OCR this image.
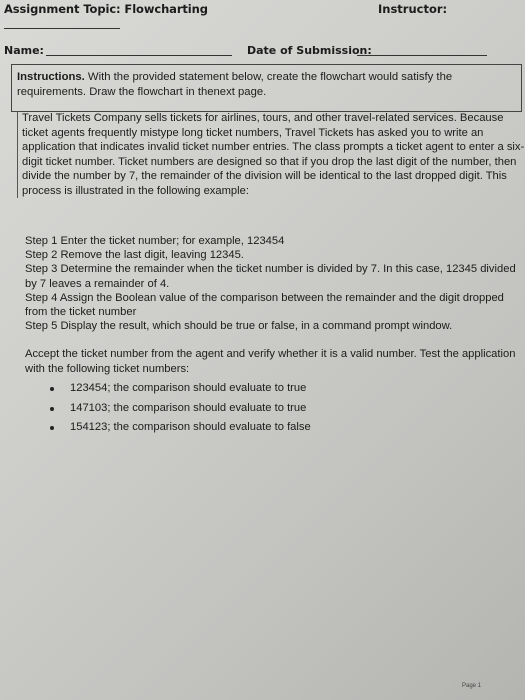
Assignment Topic: Flowcharting	Instructor:
Name:	Date of Submission:
Instructions. With the provided statement below, create the flowchart would satisfy the requirements. Draw the flowchart in thenext page.

Travel Tickets Company sells tickets for airlines, tours, and other travel-related services. Because ticket agents frequently mistype long ticket numbers, Travel Tickets has asked you to write an application that indicates invalid ticket number entries. The class prompts a ticket agent to enter a six-digit ticket number. Ticket numbers are designed so that if you drop the last digit of the number, then divide the number by 7, the remainder of the division will be identical to the last dropped digit. This process is illustrated in the following example:

Step 1 Enter the ticket number; for example, 123454

Step 2 Remove the last digit, leaving 12345.

Step 3 Determine the remainder when the ticket number is divided by 7. In this case, 12345 divided by 7 leaves a remainder of 4.

Step 4 Assign the Boolean value of the comparison between the remainder and the digit dropped from the ticket number

Step 5 Display the result, which should be true or false, in a command prompt window.

Accept the ticket number from the agent and verify whether it is a valid number. Test the application with the following ticket numbers:
123454; the comparison should evaluate to true
147103; the comparison should evaluate to true
154123; the comparison should evaluate to false
Page 1
